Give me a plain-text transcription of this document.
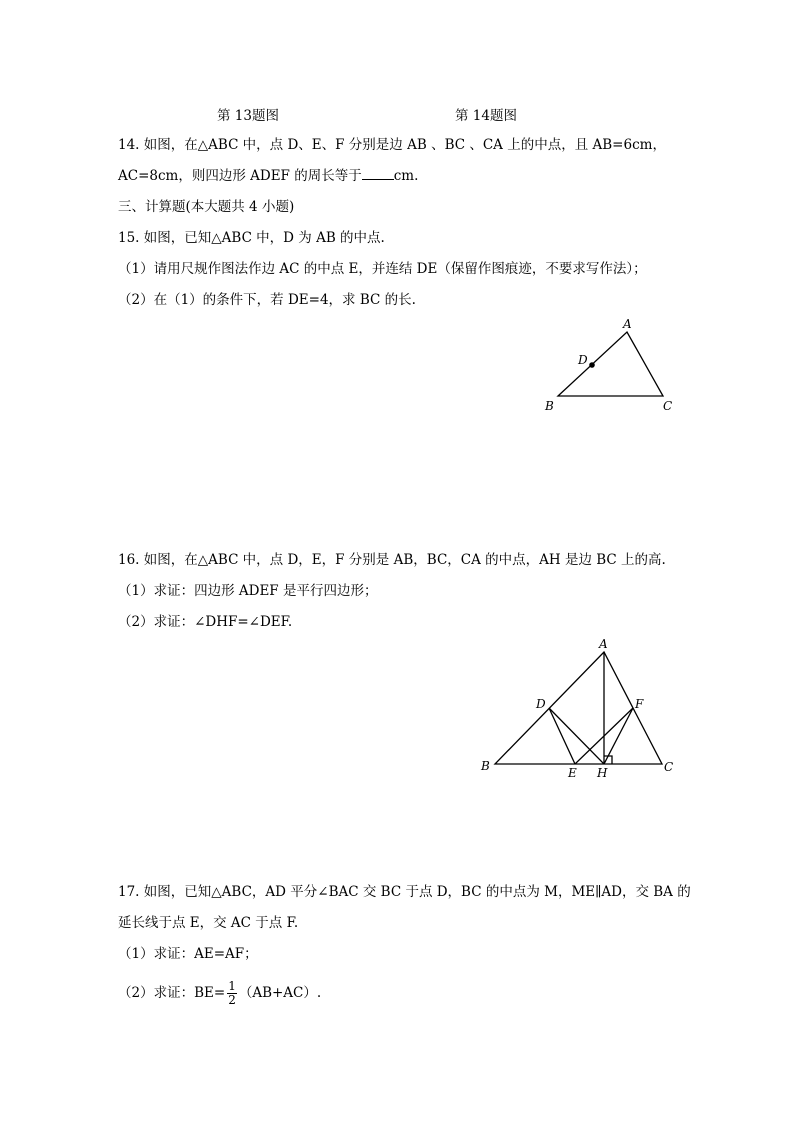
第 13题图	第 14题图
14. 如图，在△ABC 中，点 D、E、F 分别是边 AB 、BC 、CA 上的中点，且 AB=6cm，
AC=8cm，则四边形 ADEF 的周长等于 cm.
三、计算题(本大题共 4 小题)
15. 如图，已知△ABC 中，D 为 AB 的中点.
（1）请用尺规作图法作边 AC 的中点 E，并连结 DE（保留作图痕迹，不要求写作法）；
（2）在（1）的条件下，若 DE=4，求 BC 的长.
A
B	C
D
16. 如图，在△ABC 中，点 D，E，F 分别是 AB，BC，CA 的中点，AH 是边 BC 上的高.
（1）求证：四边形 ADEF 是平行四边形；
（2）求证：∠DHF=∠DEF.
A
B	C
D
E
F
H
17. 如图，已知△ABC，AD 平分∠BAC 交 BC 于点 D，BC 的中点为 M，ME∥AD，交 BA 的
延长线于点 E，交 AC 于点 F.
（1）求证：AE=AF；
（2）求证：$BE= \frac{1}{2} (AB+AC)$.
